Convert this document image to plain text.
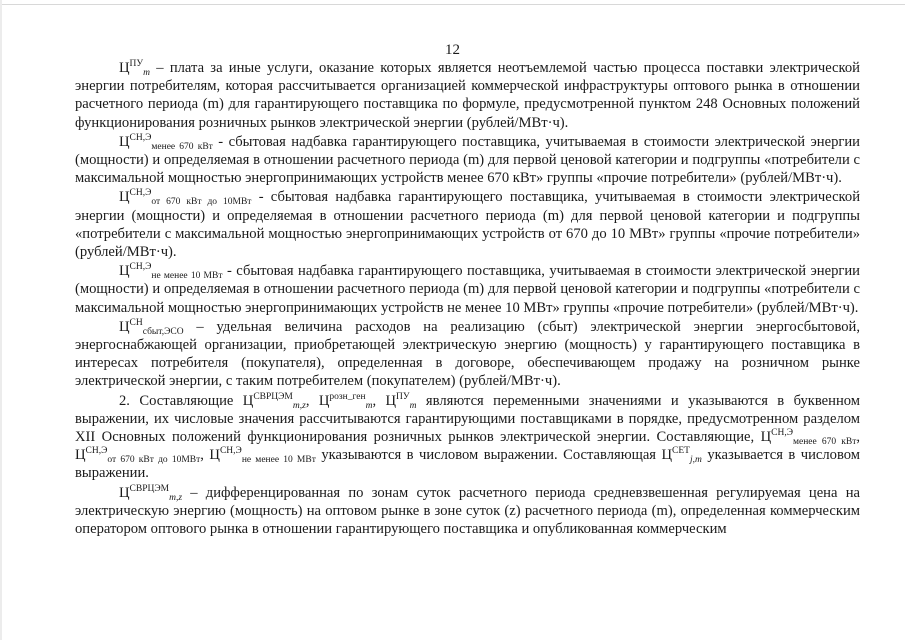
12

$Ц^{ПУ}_m$ – плата за иные услуги, оказание которых является неотъемлемой частью процесса поставки электрической энергии потребителям, которая рассчитывается организацией коммерческой инфраструктуры оптового рынка в отношении расчетного периода (m) для гарантирующего поставщика по формуле, предусмотренной пунктом 248 Основных положений функционирования розничных рынков электрической энергии (рублей/МВт·ч).

$Ц^{СН,Э}_{менее 670 кВт}$ - сбытовая надбавка гарантирующего поставщика, учитываемая в стоимости электрической энергии (мощности) и определяемая в отношении расчетного периода (m) для первой ценовой категории и подгруппы «потребители с максимальной мощностью энергопринимающих устройств менее 670 кВт» группы «прочие потребители» (рублей/МВт·ч).

$Ц^{СН,Э}_{от 670 кВт до 10МВт}$ - сбытовая надбавка гарантирующего поставщика, учитываемая в стоимости электрической энергии (мощности) и определяемая в отношении расчетного периода (m) для первой ценовой категории и подгруппы «потребители с максимальной мощностью энергопринимающих устройств от 670 до 10 МВт» группы «прочие потребители» (рублей/МВт·ч).

$Ц^{СН,Э}_{не менее 10 МВт}$ - сбытовая надбавка гарантирующего поставщика, учитываемая в стоимости электрической энергии (мощности) и определяемая в отношении расчетного периода (m) для первой ценовой категории и подгруппы «потребители с максимальной мощностью энергопринимающих устройств не менее 10 МВт» группы «прочие потребители» (рублей/МВт·ч).

$Ц^{СН}_{сбыт,ЭСО}$ – удельная величина расходов на реализацию (сбыт) электрической энергии энергосбытовой, энергоснабжающей организации, приобретающей электрическую энергию (мощность) у гарантирующего поставщика в интересах потребителя (покупателя), определенная в договоре, обеспечивающем продажу на розничном рынке электрической энергии, с таким потребителем (покупателем) (рублей/МВт·ч).

2. Составляющие $Ц^{СВРЦЭМ}_{m,z}$, $Ц^{розн\_ген}_m$, $Ц^{ПУ}_m$ являются переменными значениями и указываются в буквенном выражении, их числовые значения рассчитываются гарантирующими поставщиками в порядке, предусмотренном разделом XII Основных положений функционирования розничных рынков электрической энергии. Составляющие, $Ц^{СН,Э}_{менее 670 кВт}$, $Ц^{СН,Э}_{от 670 кВт до 10МВт}$, $Ц^{СН,Э}_{не менее 10 МВт}$ указываются в числовом выражении. Составляющая $Ц^{СЕТ}_{j,m}$ указывается в числовом выражении.

$Ц^{СВРЦЭМ}_{m,z}$ – дифференцированная по зонам суток расчетного периода средневзвешенная регулируемая цена на электрическую энергию (мощность) на оптовом рынке в зоне суток (z) расчетного периода (m), определенная коммерческим оператором оптового рынка в отношении гарантирующего поставщика и опубликованная коммерческим
